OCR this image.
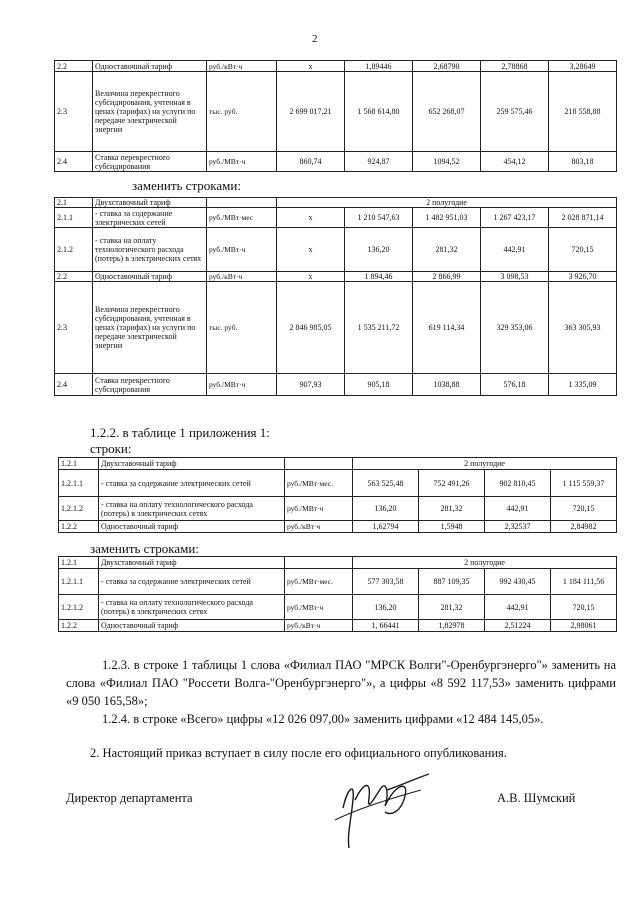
2
2.2	Одноставочный тариф	руб./кВт·ч	x	1,89446	2,68790	2,78868	3,28649
2.3	Величина перекрестного субсидирования, учтенная в ценах (тарифах) на услуги по передаче электрической энергии	тыс. руб.	2 699 017,21	1 568 614,80	652 268,07	259 575,46	218 558,88
2.4	Ставка перекрестного субсидирования	руб./МВт·ч	860,74	924,87	1094,52	454,12	803,18
заменить строками:
2.1	Двухставочный тариф		2 полугодие				
2.1.1	- ставка за содержание электрических сетей	руб./МВт·мес	x	1 210 547,63	1 482 951,03	1 267 423,17	2 028 871,14
2.1.2	- ставка на оплату технологического расхода (потерь) в электрических сетях	руб./МВт·ч	x	136,20	281,32	442,91	720,15
2.2	Одноставочный тариф	руб./кВт·ч	x	1 894,46	2 866,99	3 098,53	3 926,70
2.3	Величина перекрестного субсидирования, учтенная в ценах (тарифах) на услуги по передаче электрической энергии	тыс. руб.	2 846 985,05	1 535 211,72	619 114,34	329 353,06	363 305,93
2.4	Ставка перекрестного субсидирования	руб./МВт·ч	907,93	905,18	1038,88	576,18	1 335,09
1.2.2. в таблице 1 приложения 1:
строки:
1.2.1	Двухставочный тариф		2 полугодие			
1.2.1.1	- ставка за содержание электрических сетей	руб./МВт·мес.	563 525,48	752 491,26	902 810,45	1 115 559,37
1.2.1.2	- ставка на оплату технологического расхода (потерь) в электрических сетях	руб./МВт·ч	136,20	281,32	442,91	720,15
1.2.2	Одноставочный тариф	руб./кВт·ч	1,62794	1,5948	2,32537	2,84982
заменить строками:
1.2.1	Двухставочный тариф		2 полугодие			
1.2.1.1	- ставка за содержание электрических сетей	руб./МВт·мес.	577 303,58	887 109,35	992 430,45	1 184 111,56
1.2.1.2	- ставка на оплату технологического расхода (потерь) в электрических сетях	руб./МВт·ч	136,20	281,32	442,91	720,15
1.2.2	Одноставочный тариф	руб./кВт·ч	1, 66441	1,82978	2,51224	2,98061
1.2.3. в строке 1 таблицы 1 слова «Филиал ПАО "МРСК Волги"-Оренбургэнерго"» заменить на слова «Филиал ПАО "Россети Волга-"Оренбургэнерго"», а цифры «8 592 117,53» заменить цифрами «9 050 165,58»;
1.2.4. в строке «Всего» цифры «12 026 097,00» заменить цифрами «12 484 145,05».
2. Настоящий приказ вступает в силу после его официального опубликования.
Директор департамента	А.В. Шумский
